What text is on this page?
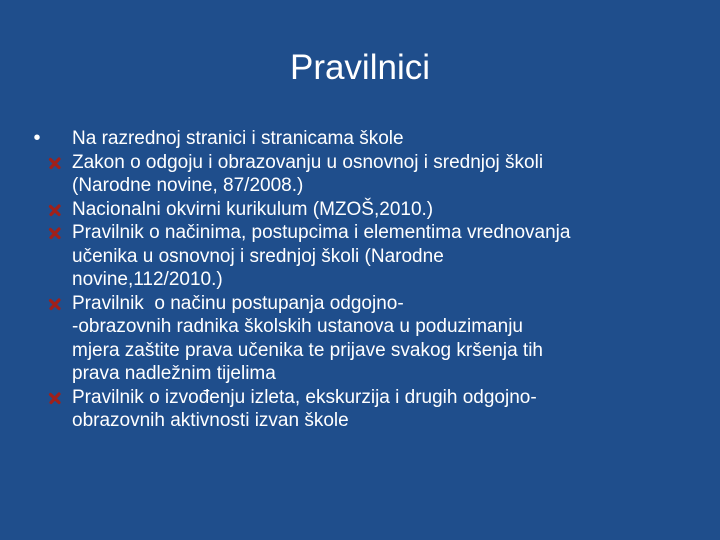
Pravilnici
• Na razrednoj stranici i stranicama škole
Zakon o odgoju i obrazovanju u osnovnoj i srednjoj školi
(Narodne novine, 87/2008.)
Nacionalni okvirni kurikulum (MZOŠ,2010.)
Pravilnik o načinima, postupcima i elementima vrednovanja
učenika u osnovnoj i srednjoj školi (Narodne
novine,112/2010.)
Pravilnik  o načinu postupanja odgojno-
-obrazovnih radnika školskih ustanova u poduzimanju
mjera zaštite prava učenika te prijave svakog kršenja tih
prava nadležnim tijelima
Pravilnik o izvođenju izleta, ekskurzija i drugih odgojno-
obrazovnih aktivnosti izvan škole
